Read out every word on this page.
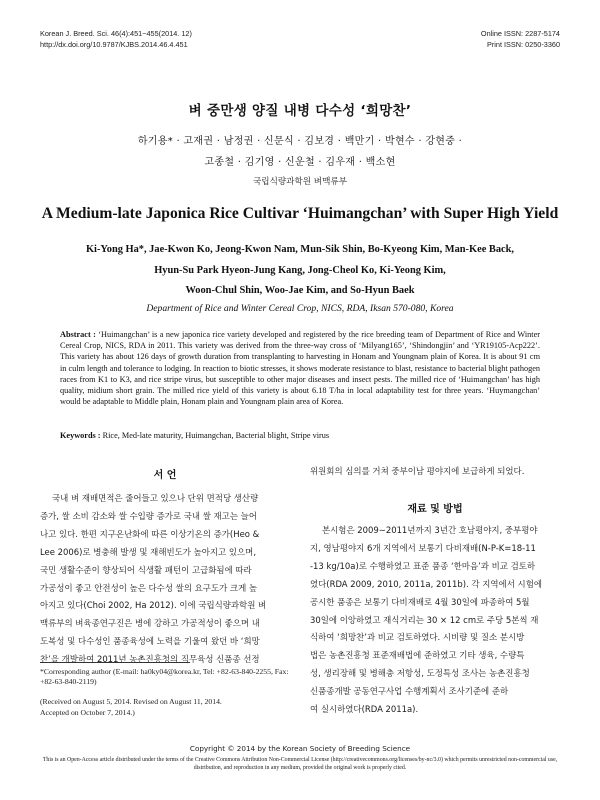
Korean J. Breed. Sci. 46(4):451~455(2014. 12)
http://dx.doi.org/10.9787/KJBS.2014.46.4.451
Online ISSN: 2287-5174
Print ISSN: 0250-3360
벼 중만생 양질 내병 다수성 ‘희망찬’
하기용* · 고재권 · 남정권 · 신문식 · 김보경 · 백만기 · 박현수 · 강현중 ·
고종철 · 김기영 · 신운철 · 김우재 · 백소현
국립식량과학원 벼맥류부
A Medium-late Japonica Rice Cultivar ‘Huimangchan’ with Super High Yield
Ki-Yong Ha*, Jae-Kwon Ko, Jeong-Kwon Nam, Mun-Sik Shin, Bo-Kyeong Kim, Man-Kee Back,
Hyun-Su Park Hyeon-Jung Kang, Jong-Cheol Ko, Ki-Yeong Kim,
Woon-Chul Shin, Woo-Jae Kim, and So-Hyun Baek
Department of Rice and Winter Cereal Crop, NICS, RDA, Iksan 570-080, Korea
Abstract : ‘Huimangchan’ is a new japonica rice variety developed and registered by the rice breeding team of Department of Rice and Winter Cereal Crop, NICS, RDA in 2011. This variety was derived from the three-way cross of ‘Milyang165’, ‘Shindongjin’ and ‘YR19105-Acp222’. This variety has about 126 days of growth duration from transplanting to harvesting in Honam and Youngnam plain of Korea. It is about 91 cm in culm length and tolerance to lodging. In reaction to biotic stresses, it shows moderate resistance to blast, resistance to bacterial blight pathogen races from K1 to K3, and rice stripe virus, but susceptible to other major diseases and insect pests. The milled rice of ‘Huimangchan’ has high quality, midium short grain. The milled rice yield of this variety is about 6.18 T/ha in local adaptability test for three years. ‘Huymangchan’ would be adaptable to Middle plain, Honam plain and Youngnam plain area of Korea.
Keywords : Rice, Med-late maturity, Huimangchan, Bacterial blight, Stripe virus
서 언
국내 벼 재배면적은 줄어들고 있으나 단위 면적당 생산량
증가, 쌀 소비 감소와 쌀 수입량 증가로 국내 쌀 재고는 늘어
나고 있다. 한편 지구온난화에 따른 이상기온의 증가(Heo &
Lee 2006)로 병충해 발생 및 재해빈도가 높아지고 있으며,
국민 생활수준이 향상되어 식생활 패턴이 고급화됨에 따라
가공성이 좋고 안전성이 높은 다수성 쌀의 요구도가 크게 높
아지고 있다(Choi 2002, Ha 2012). 이에 국립식량과학원 벼
맥류부의 벼육종연구진은 병에 강하고 가공적성이 좋으며 내
도복성 및 다수성인 품종육성에 노력을 기울여 왔던 바 ‘희망
찬’을 개발하여 2011년 농촌진흥청의 직무육성 신품종 선정
위원회의 심의를 거쳐 중부이남 평야지에 보급하게 되었다.
재료 및 방법
본시험은 2009∼2011년까지 3년간 호남평야지, 중부평야
지, 영남평야지 6개 지역에서 보통기 다비재배(N-P-K=18-11
-13 kg/10a)로 수행하였고 표준 품종 ‘한마음’과 비교 검토하
였다(RDA 2009, 2010, 2011a, 2011b). 각 지역에서 시험에
공시한 품종은 보통기 다비재배로 4월 30일에 파종하여 5월
30일에 이앙하였고 재식거리는 30 × 12 cm로 주당 5본씩 재
식하여 ‘희망찬’과 비교 검토하였다. 시비량 및 질소 분시방
법은 농촌진흥청 표준재배법에 준하였고 기타 생육, 수량특
성, 생리장해 및 병해충 저항성, 도정특성 조사는 농촌진흥청
신품종개발 공동연구사업 수행계획서 조사기준에 준하
여 실시하였다(RDA 2011a).
*Corresponding author (E-mail: ha0ky04@korea.kr, Tel: +82-63-840-2255, Fax: +82-63-840-2119)
(Received on August 5, 2014. Revised on August 11, 2014.
Accepted on October 7, 2014.)
Copyright © 2014 by the Korean Society of Breeding Science
This is an Open-Access article distributed under the terms of the Creative Commons Attribution Non-Commercial License (http://creativecommons.org/licenses/by-nc/3.0) which permits unrestricted non-commercial use, distribution, and reproduction in any medium, provided the original work is properly cited.
